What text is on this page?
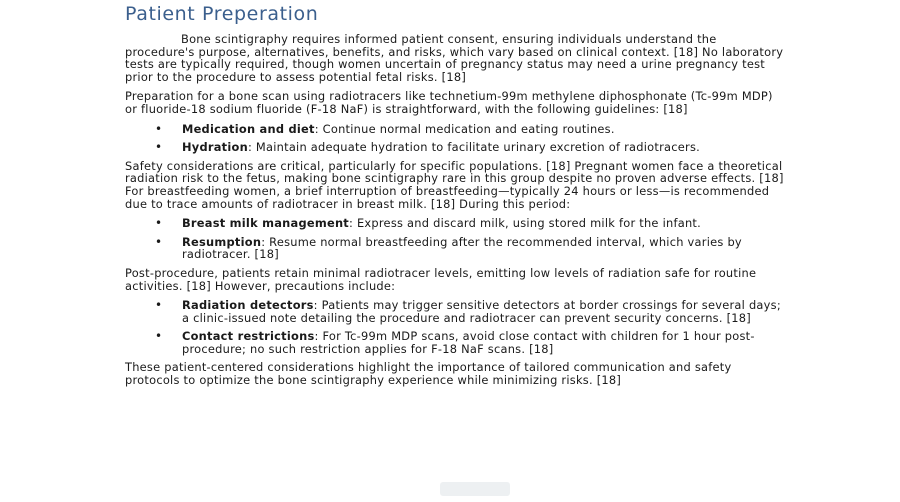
Patient Preperation

Bone scintigraphy requires informed patient consent, ensuring individuals understand the procedure's purpose, alternatives, benefits, and risks, which vary based on clinical context. [18] No laboratory tests are typically required, though women uncertain of pregnancy status may need a urine pregnancy test prior to the procedure to assess potential fetal risks. [18]

Preparation for a bone scan using radiotracers like technetium-99m methylene diphosphonate (Tc-99m MDP) or fluoride-18 sodium fluoride (F-18 NaF) is straightforward, with the following guidelines: [18]

• Medication and diet: Continue normal medication and eating routines.
• Hydration: Maintain adequate hydration to facilitate urinary excretion of radiotracers.

Safety considerations are critical, particularly for specific populations. [18] Pregnant women face a theoretical radiation risk to the fetus, making bone scintigraphy rare in this group despite no proven adverse effects. [18] For breastfeeding women, a brief interruption of breastfeeding—typically 24 hours or less—is recommended due to trace amounts of radiotracer in breast milk. [18] During this period:

• Breast milk management: Express and discard milk, using stored milk for the infant.
• Resumption: Resume normal breastfeeding after the recommended interval, which varies by radiotracer. [18]

Post-procedure, patients retain minimal radiotracer levels, emitting low levels of radiation safe for routine activities. [18] However, precautions include:

• Radiation detectors: Patients may trigger sensitive detectors at border crossings for several days; a clinic-issued note detailing the procedure and radiotracer can prevent security concerns. [18]
• Contact restrictions: For Tc-99m MDP scans, avoid close contact with children for 1 hour post-procedure; no such restriction applies for F-18 NaF scans. [18]

These patient-centered considerations highlight the importance of tailored communication and safety protocols to optimize the bone scintigraphy experience while minimizing risks. [18]
